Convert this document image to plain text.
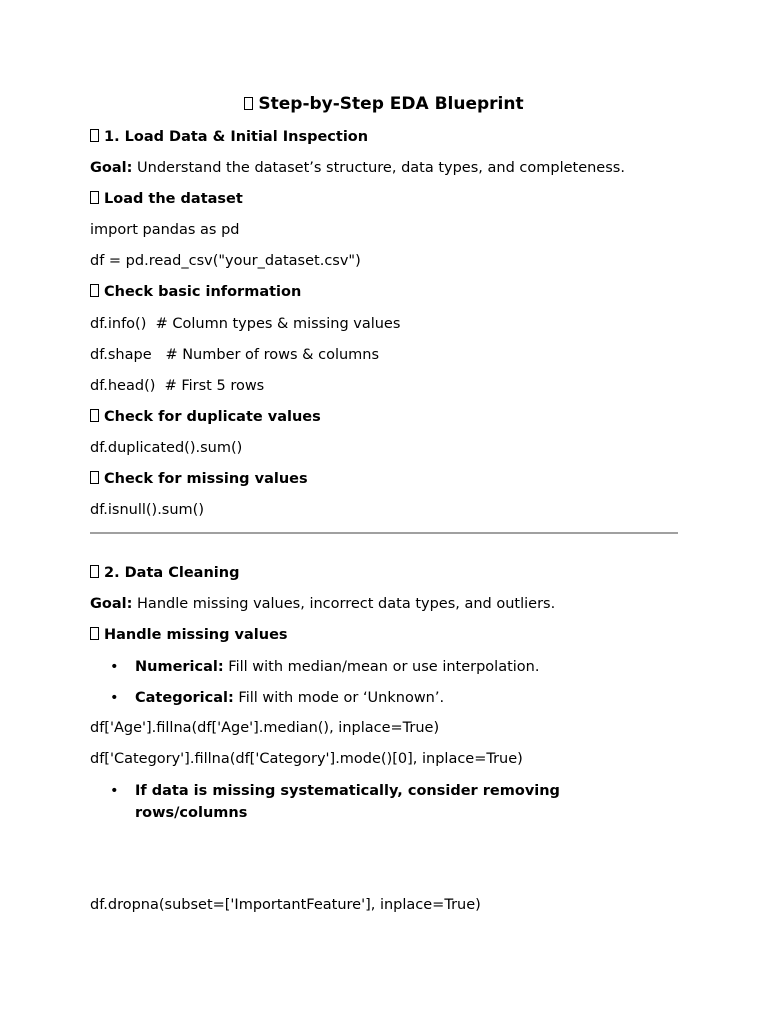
Step-by-Step EDA Blueprint
1. Load Data & Initial Inspection
Goal: Understand the dataset’s structure, data types, and completeness.
Load the dataset
import pandas as pd
df = pd.read_csv("your_dataset.csv")
Check basic information
df.info()  # Column types & missing values
df.shape   # Number of rows & columns
df.head()  # First 5 rows
Check for duplicate values
df.duplicated().sum()
Check for missing values
df.isnull().sum()
2. Data Cleaning
Goal: Handle missing values, incorrect data types, and outliers.
Handle missing values
• Numerical: Fill with median/mean or use interpolation.
• Categorical: Fill with mode or ‘Unknown’.
df['Age'].fillna(df['Age'].median(), inplace=True)
df['Category'].fillna(df['Category'].mode()[0], inplace=True)
• If data is missing systematically, consider removing rows/columns
df.dropna(subset=['ImportantFeature'], inplace=True)
